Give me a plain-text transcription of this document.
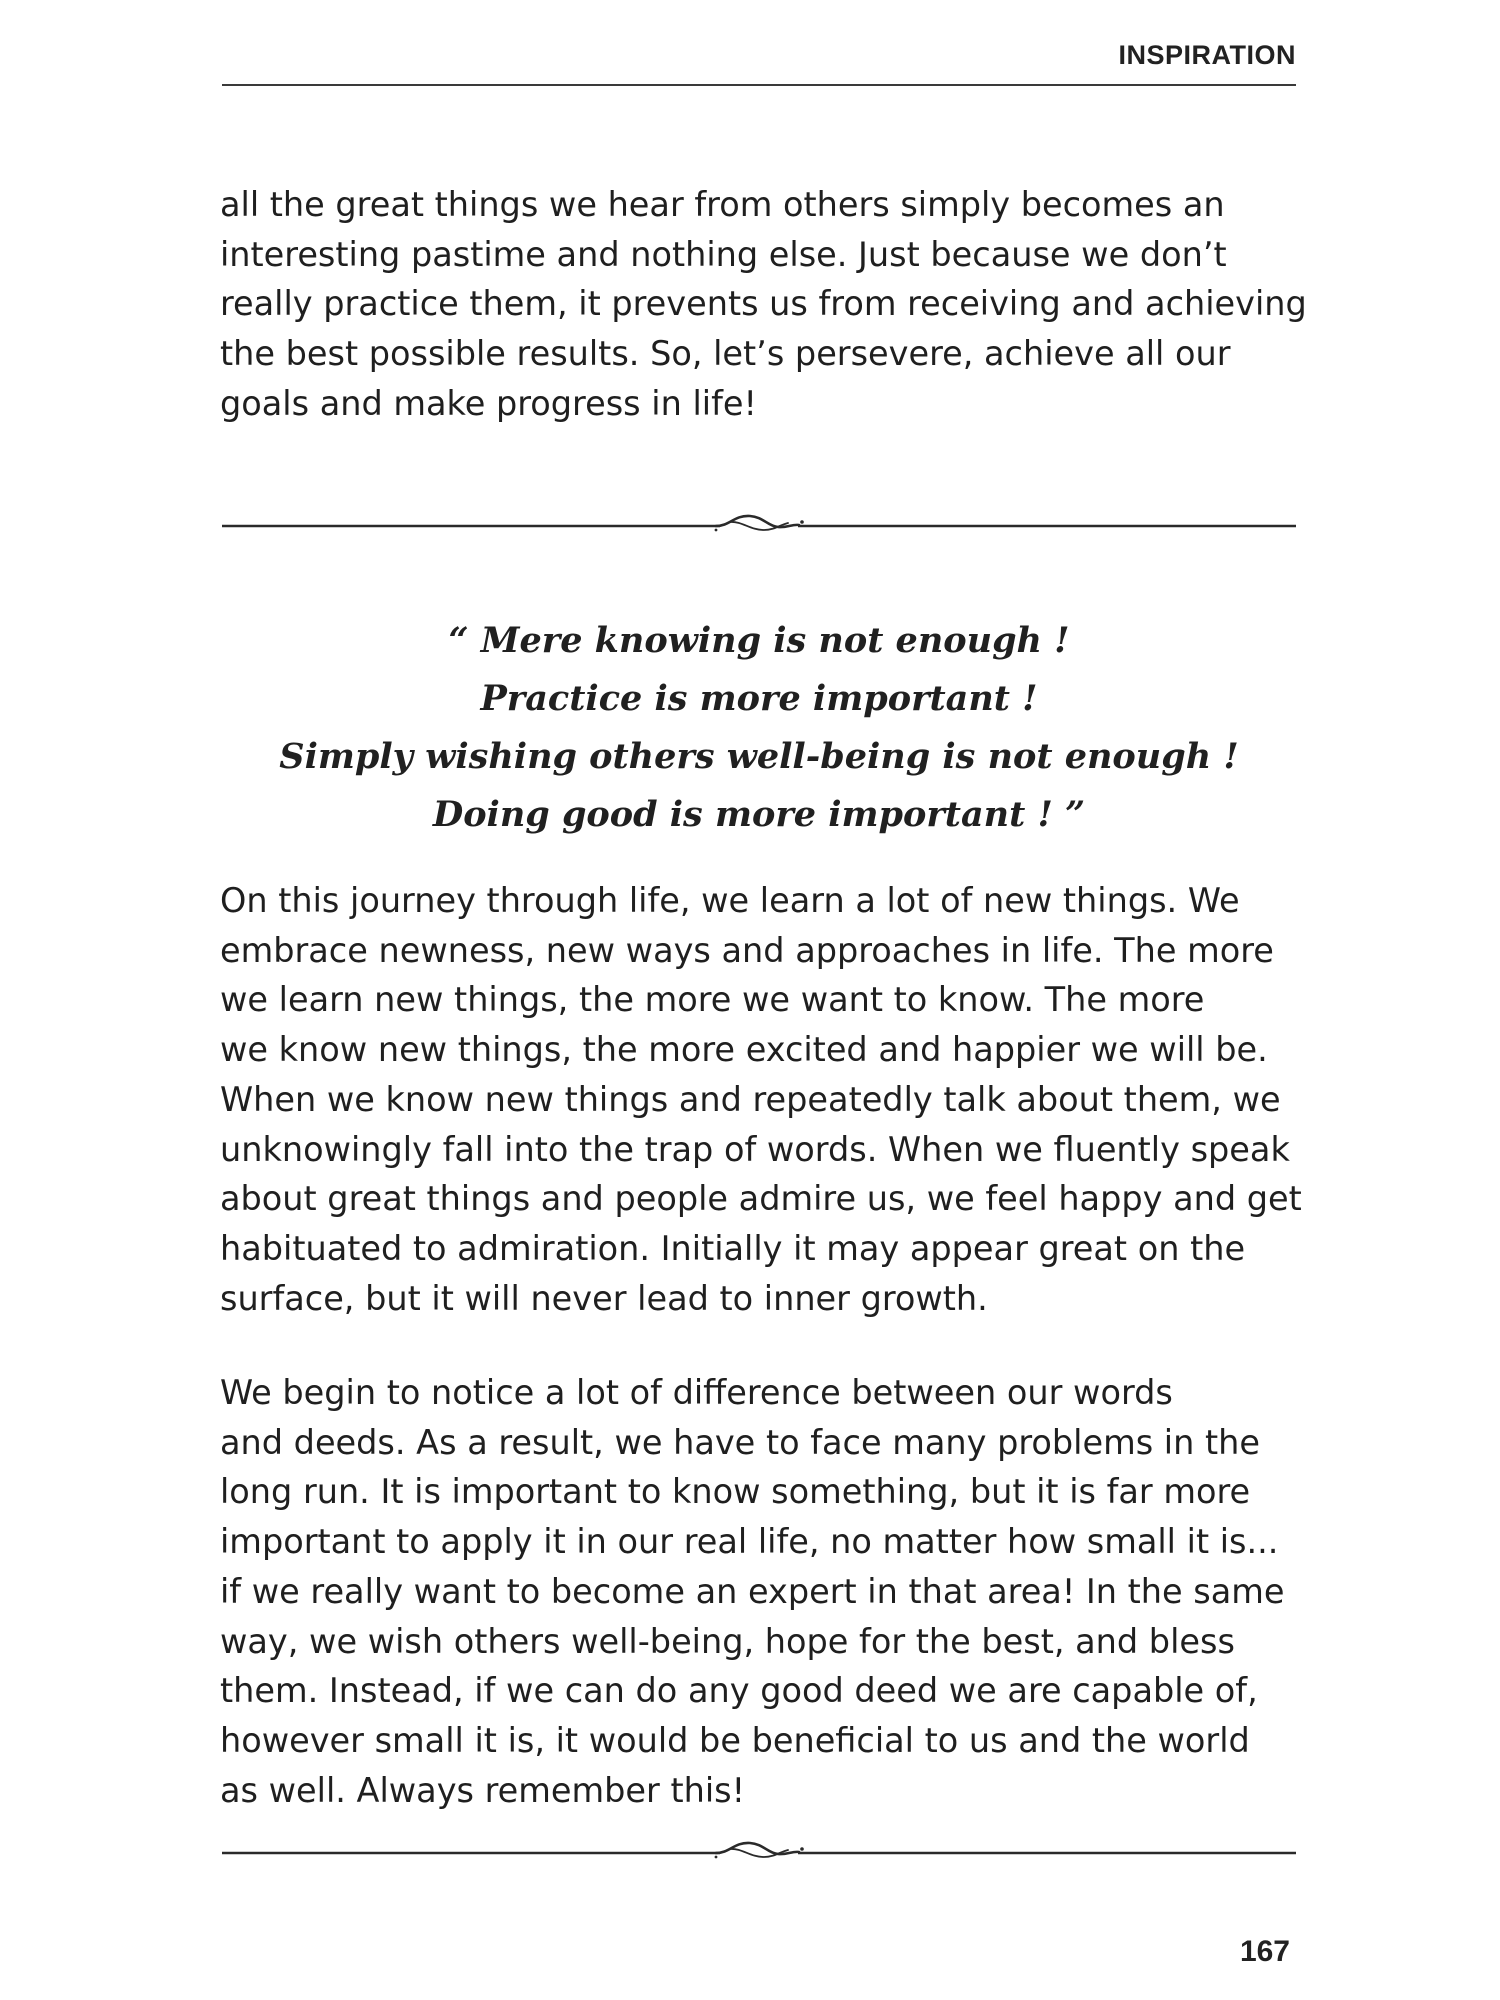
INSPIRATION

all the great things we hear from others simply becomes an
interesting pastime and nothing else. Just because we don’t
really practice them, it prevents us from receiving and achieving
the best possible results. So, let’s persevere, achieve all our
goals and make progress in life!

“ Mere knowing is not enough !
Practice is more important !
Simply wishing others well-being is not enough !
Doing good is more important ! ”

On this journey through life, we learn a lot of new things. We
embrace newness, new ways and approaches in life. The more
we learn new things, the more we want to know. The more
we know new things, the more excited and happier we will be.
When we know new things and repeatedly talk about them, we
unknowingly fall into the trap of words. When we fluently speak
about great things and people admire us, we feel happy and get
habituated to admiration. Initially it may appear great on the
surface, but it will never lead to inner growth.

We begin to notice a lot of difference between our words
and deeds. As a result, we have to face many problems in the
long run. It is important to know something, but it is far more
important to apply it in our real life, no matter how small it is...
if we really want to become an expert in that area! In the same
way, we wish others well-being, hope for the best, and bless
them. Instead, if we can do any good deed we are capable of,
however small it is, it would be beneficial to us and the world
as well. Always remember this!

167
